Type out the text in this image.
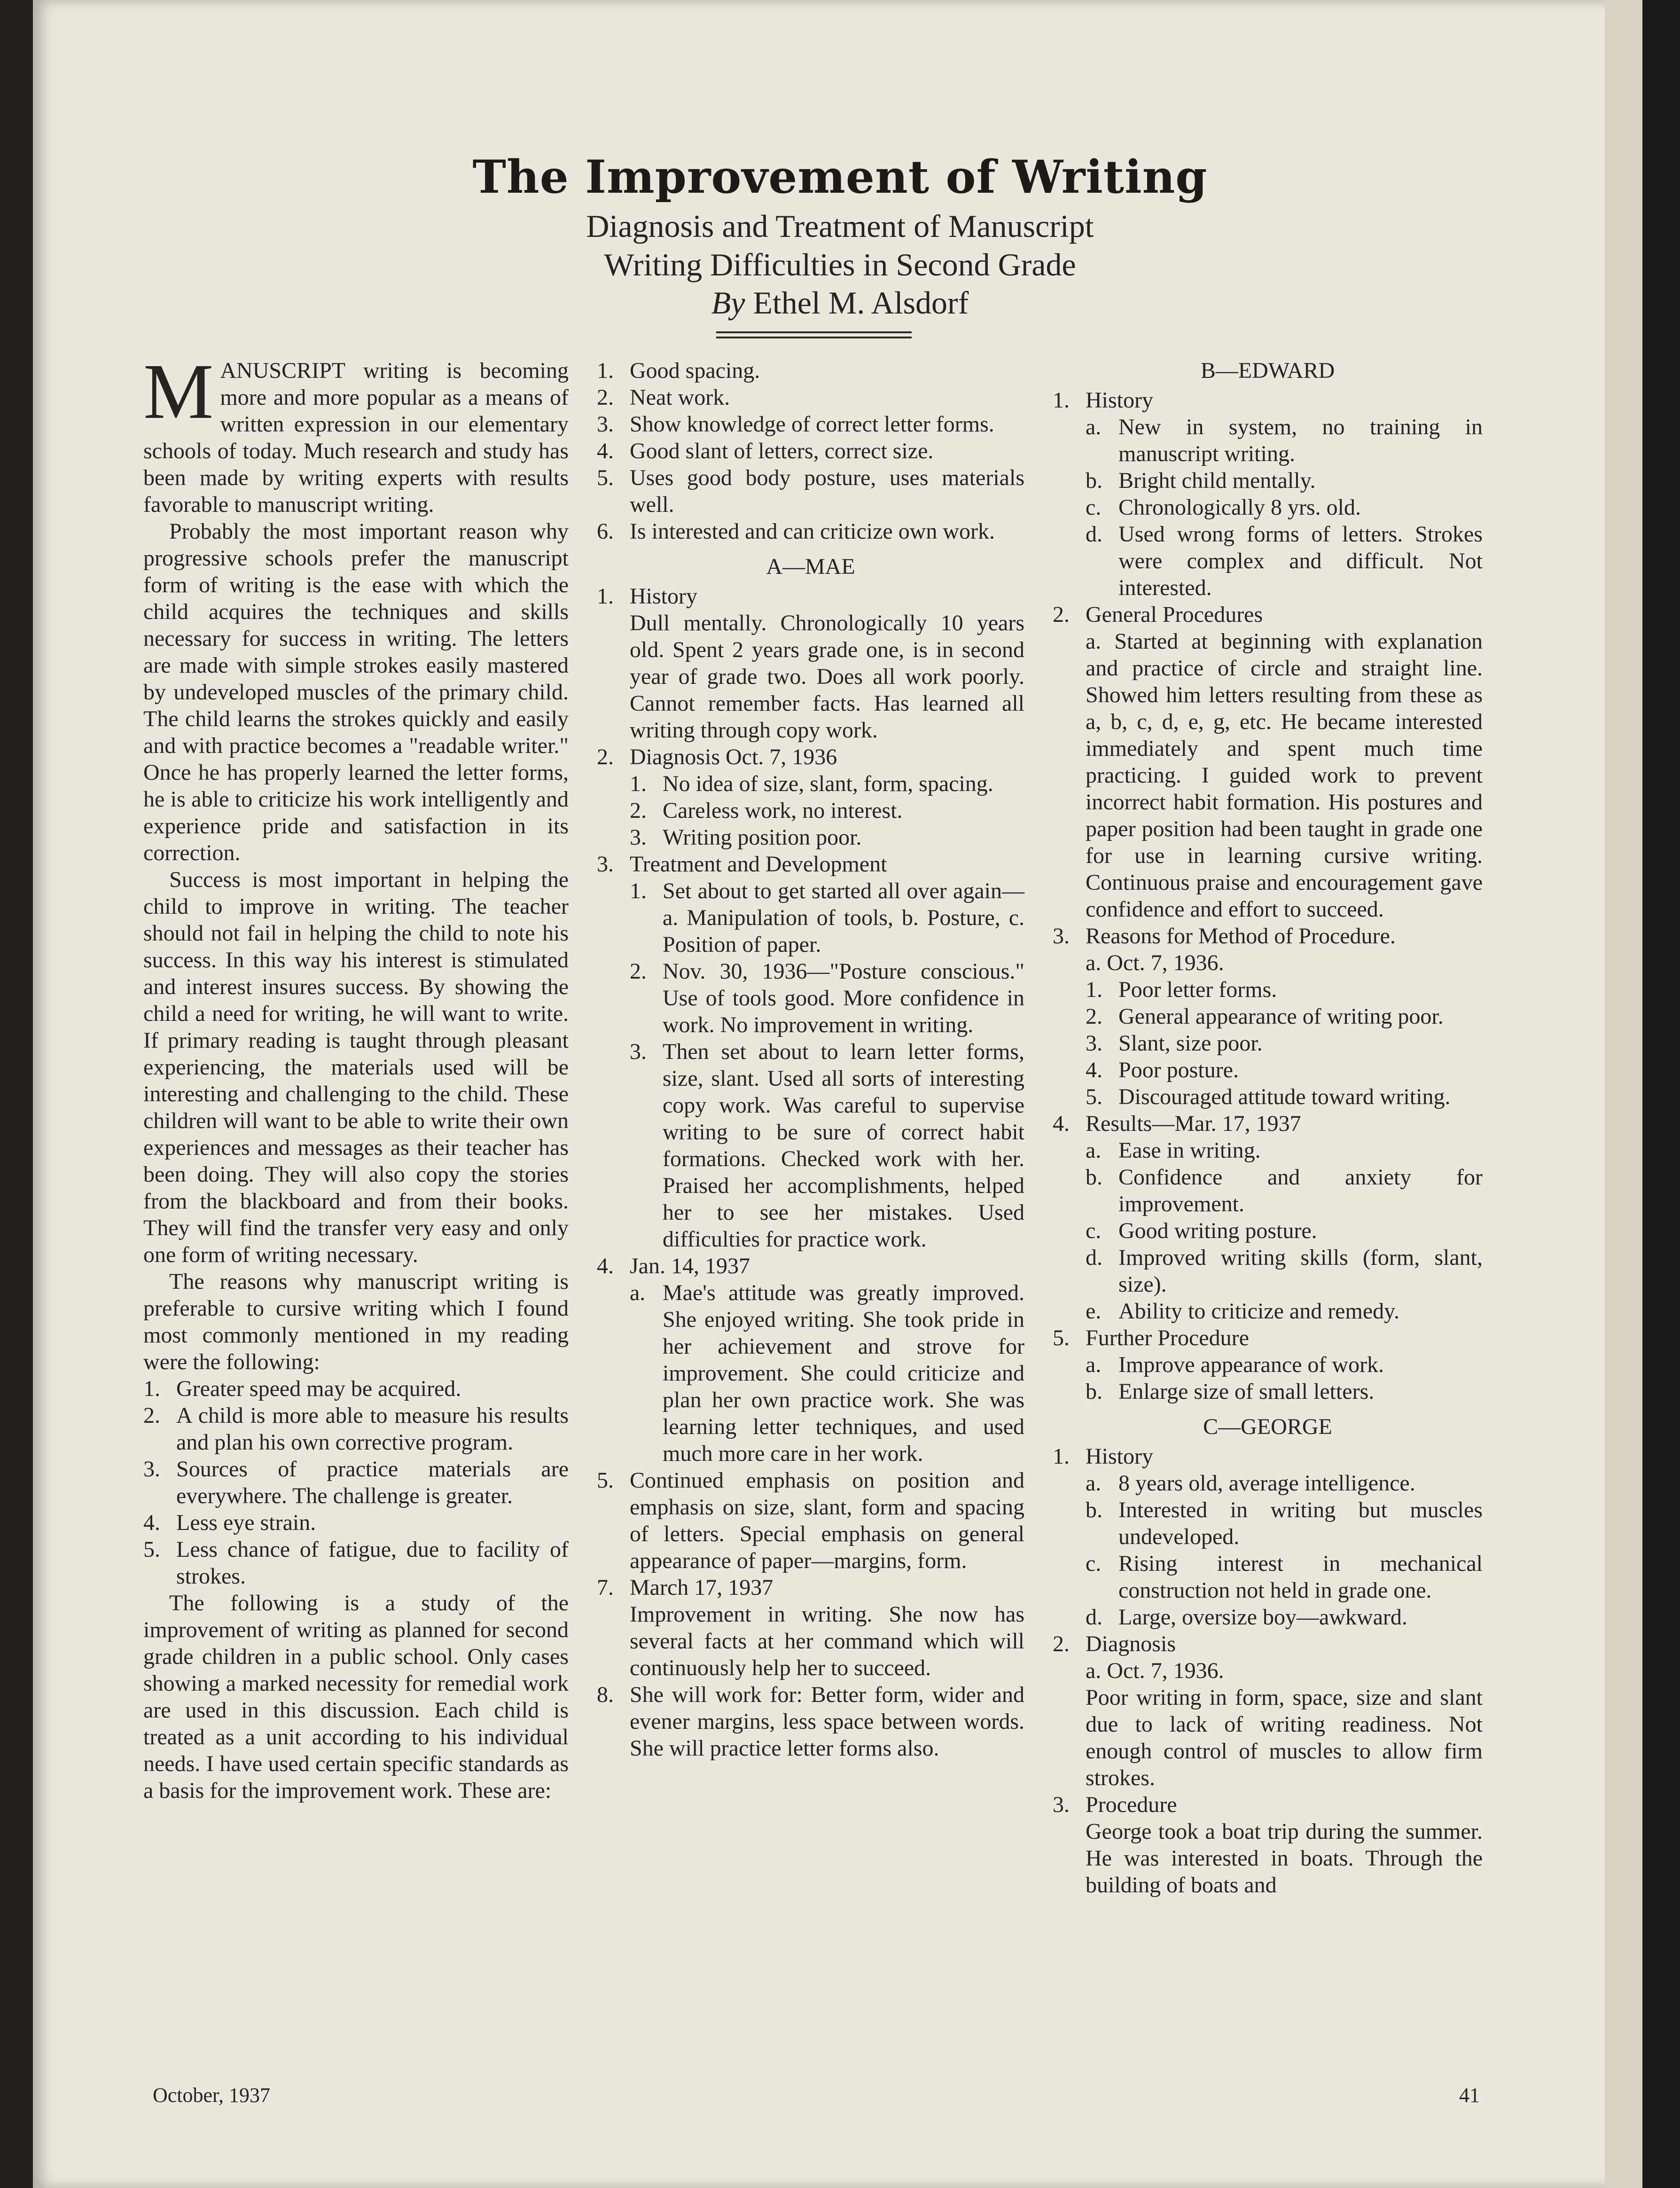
The Improvement of Writing
Diagnosis and Treatment of Manuscript
Writing Difficulties in Second Grade
By Ethel M. Alsdorf

MANUSCRIPT writing is becoming more and more popular as a means of written expression in our elementary schools of today. Much research and study has been made by writing experts with results favorable to manuscript writing.

Probably the most important reason why progressive schools prefer the manuscript form of writing is the ease with which the child acquires the techniques and skills necessary for success in writing. The letters are made with simple strokes easily mastered by undeveloped muscles of the primary child. The child learns the strokes quickly and easily and with practice becomes a "readable writer." Once he has properly learned the letter forms, he is able to criticize his work intelligently and experience pride and satisfaction in its correction.

Success is most important in helping the child to improve in writing. The teacher should not fail in helping the child to note his success. In this way his interest is stimulated and interest insures success. By showing the child a need for writing, he will want to write. If primary reading is taught through pleasant experiencing, the materials used will be interesting and challenging to the child. These children will want to be able to write their own experiences and messages as their teacher has been doing. They will also copy the stories from the blackboard and from their books. They will find the transfer very easy and only one form of writing necessary.

The reasons why manuscript writing is preferable to cursive writing which I found most commonly mentioned in my reading were the following:

1. Greater speed may be acquired.
2. A child is more able to measure his results and plan his own corrective program.
3. Sources of practice materials are everywhere. The challenge is greater.
4. Less eye strain.
5. Less chance of fatigue, due to facility of strokes.

The following is a study of the improvement of writing as planned for second grade children in a public school. Only cases showing a marked necessity for remedial work are used in this discussion. Each child is treated as a unit according to his individual needs. I have used certain specific standards as a basis for the improvement work. These are:

1. Good spacing.
2. Neat work.
3. Show knowledge of correct letter forms.
4. Good slant of letters, correct size.
5. Uses good body posture, uses materials well.
6. Is interested and can criticize own work.

A—MAE

1. History

Dull mentally. Chronologically 10 years old. Spent 2 years grade one, is in second year of grade two. Does all work poorly. Cannot remember facts. Has learned all writing through copy work.

2. Diagnosis Oct. 7, 1936
1. No idea of size, slant, form, spacing.
2. Careless work, no interest.
3. Writing position poor.
3. Treatment and Development
1. Set about to get started all over again—a. Manipulation of tools, b. Posture, c. Position of paper.
2. Nov. 30, 1936—"Posture conscious." Use of tools good. More confidence in work. No improvement in writing.
3. Then set about to learn letter forms, size, slant. Used all sorts of interesting copy work. Was careful to supervise writing to be sure of correct habit formations. Checked work with her. Praised her accomplishments, helped her to see her mistakes. Used difficulties for practice work.
4. Jan. 14, 1937
a. Mae's attitude was greatly improved. She enjoyed writing. She took pride in her achievement and strove for improvement. She could criticize and plan her own practice work. She was learning letter techniques, and used much more care in her work.
5. Continued emphasis on position and emphasis on size, slant, form and spacing of letters. Special emphasis on general appearance of paper—margins, form.
7. March 17, 1937

Improvement in writing. She now has several facts at her command which will continuously help her to succeed.

8. She will work for: Better form, wider and evener margins, less space between words. She will practice letter forms also.

B—EDWARD

1. History
a. New in system, no training in manuscript writing.
b. Bright child mentally.
c. Chronologically 8 yrs. old.
d. Used wrong forms of letters. Strokes were complex and difficult. Not interested.
2. General Procedures

a. Started at beginning with explanation and practice of circle and straight line. Showed him letters resulting from these as a, b, c, d, e, g, etc. He became interested immediately and spent much time practicing. I guided work to prevent incorrect habit formation. His postures and paper position had been taught in grade one for use in learning cursive writing. Continuous praise and encouragement gave confidence and effort to succeed.

3. Reasons for Method of Procedure.

a. Oct. 7, 1936.

1. Poor letter forms.
2. General appearance of writing poor.
3. Slant, size poor.
4. Poor posture.
5. Discouraged attitude toward writing.
4. Results—Mar. 17, 1937
a. Ease in writing.
b. Confidence and anxiety for improvement.
c. Good writing posture.
d. Improved writing skills (form, slant, size).
e. Ability to criticize and remedy.
5. Further Procedure
a. Improve appearance of work.
b. Enlarge size of small letters.

C—GEORGE

1. History
a. 8 years old, average intelligence.
b. Interested in writing but muscles undeveloped.
c. Rising interest in mechanical construction not held in grade one.
d. Large, oversize boy—awkward.
2. Diagnosis

a. Oct. 7, 1936.

Poor writing in form, space, size and slant due to lack of writing readiness. Not enough control of muscles to allow firm strokes.

3. Procedure

George took a boat trip during the summer. He was interested in boats. Through the building of boats and

October, 1937	41
